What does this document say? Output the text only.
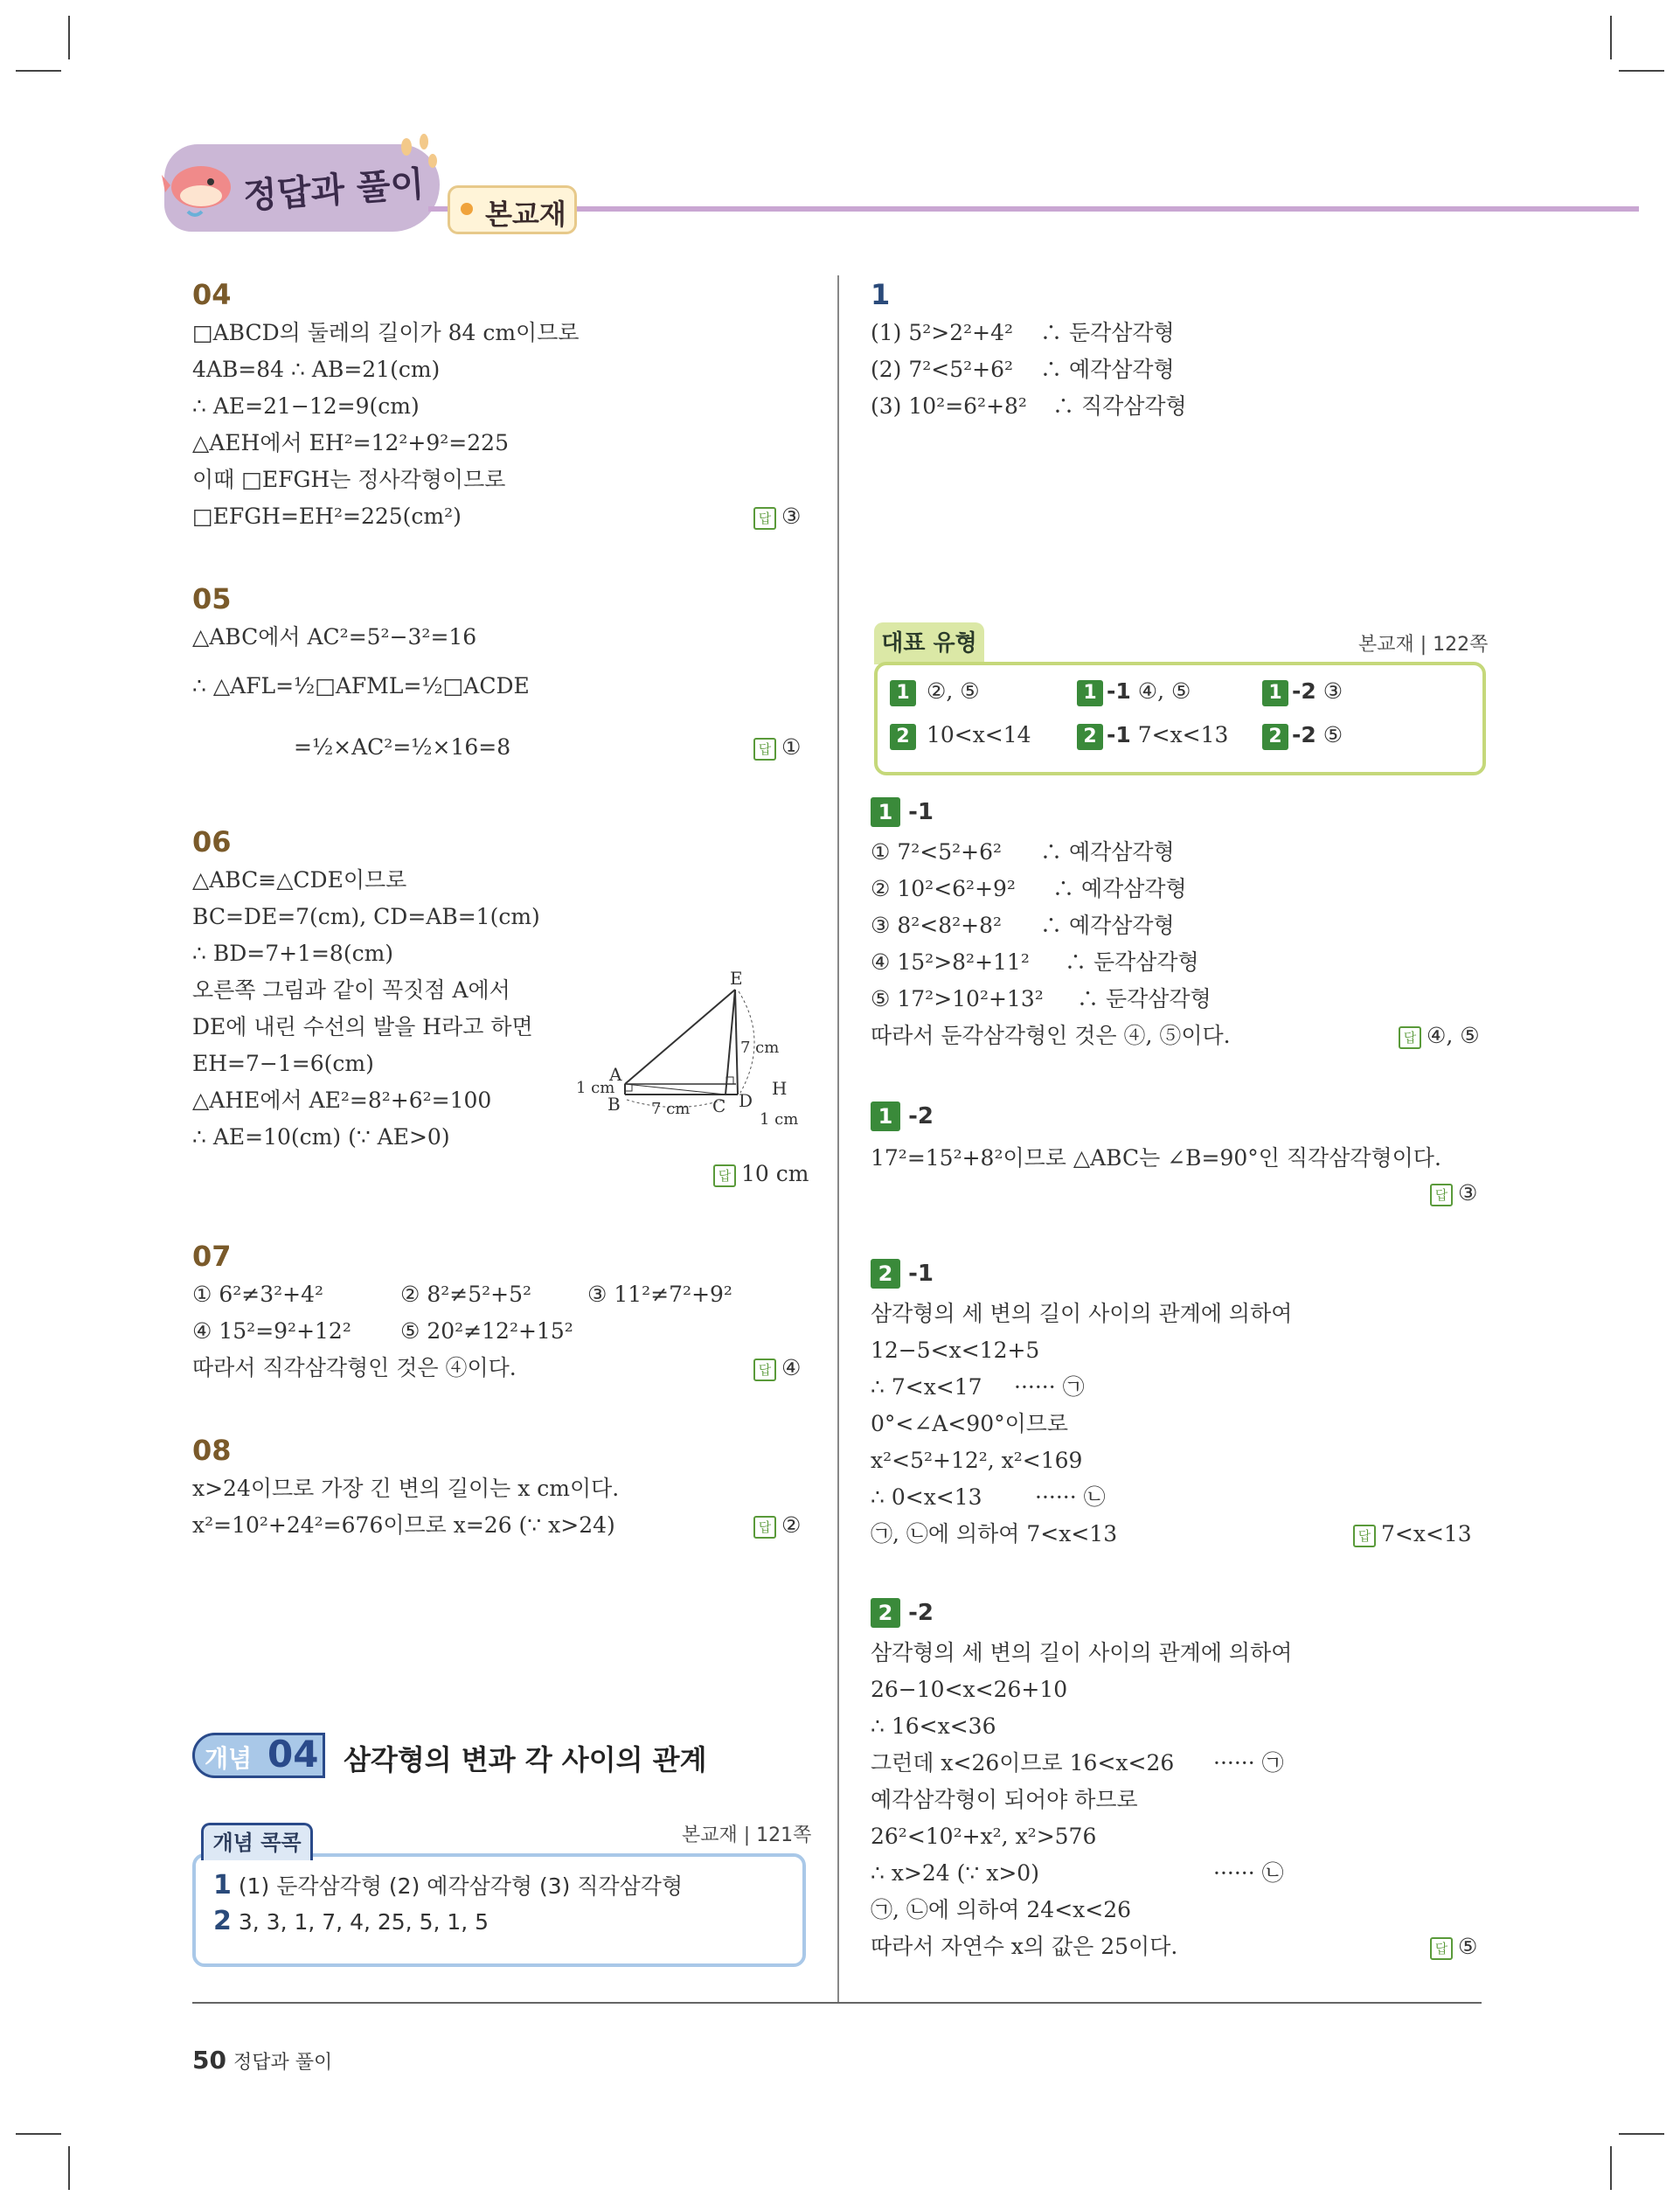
정답과 풀이 본교재
04
□ABCD의 둘레의 길이가 84 cm이므로
4AB=84 ∴ AB=21(cm)
∴ AE=21−12=9(cm)
△AEH에서 EH²=12²+9²=225
이때 □EFGH는 정사각형이므로
□EFGH=EH²=225(cm²)	답 ③
05
△ABC에서 AC²=5²−3²=16
∴ △AFL=½□AFML=½□ACDE
=½×AC²=½×16=8	답 ①
06
△ABC≡△CDE이므로
BC=DE=7(cm), CD=AB=1(cm)
∴ BD=7+1=8(cm)
오른쪽 그림과 같이 꼭짓점 A에서
DE에 내린 수선의 발을 H라고 하면
EH=7−1=6(cm)
△AHE에서 AE²=8²+6²=100
∴ AE=10(cm) (∵ AE>0)
E
A
1 cm
B 7 cm C D
H
7 cm
1 cm
답 10 cm
07
① 6²≠3²+4²	② 8²≠5²+5²	③ 11²≠7²+9²
④ 15²=9²+12² ⑤ 20²≠12²+15²
따라서 직각삼각형인 것은 ④이다.	답 ④
08
x>24이므로 가장 긴 변의 길이는 x cm이다.
x²=10²+24²=676이므로 x=26 (∵ x>24)	답 ②
개념 04 삼각형의 변과 각 사이의 관계
개념 콕콕	본교재 | 121쪽
1 (1) 둔각삼각형 (2) 예각삼각형 (3) 직각삼각형
2 3, 3, 1, 7, 4, 25, 5, 1, 5
1
(1) 5²>2²+4² ∴ 둔각삼각형
(2) 7²<5²+6² ∴ 예각삼각형
(3) 10²=6²+8² ∴ 직각삼각형
대표 유형	본교재 | 122쪽
1 ②, ⑤	1 -1 ④, ⑤	1 -2 ③
2 10<x<14	2 -1 7<x<13	2 -2 ⑤
1 -1
① 7²<5²+6² ∴ 예각삼각형
② 10²<6²+9² ∴ 예각삼각형
③ 8²<8²+8² ∴ 예각삼각형
④ 15²>8²+11² ∴ 둔각삼각형
⑤ 17²>10²+13² ∴ 둔각삼각형
따라서 둔각삼각형인 것은 ④, ⑤이다.	답 ④, ⑤
1 -2
17²=15²+8²이므로 △ABC는 ∠B=90°인 직각삼각형이다.
답 ③
2 -1
삼각형의 세 변의 길이 사이의 관계에 의하여
12−5<x<12+5
∴ 7<x<17 ······ ㉠
0°<∠A<90°이므로
x²<5²+12², x²<169
∴ 0<x<13 ······ ㉡
㉠, ㉡에 의하여 7<x<13	답 7<x<13
2 -2
삼각형의 세 변의 길이 사이의 관계에 의하여
26−10<x<26+10
∴ 16<x<36
그런데 x<26이므로 16<x<26 ······ ㉠
예각삼각형이 되어야 하므로
26²<10²+x², x²>576
∴ x>24 (∵ x>0)	······ ㉡
㉠, ㉡에 의하여 24<x<26
따라서 자연수 x의 값은 25이다.	답 ⑤
50 정답과 풀이
